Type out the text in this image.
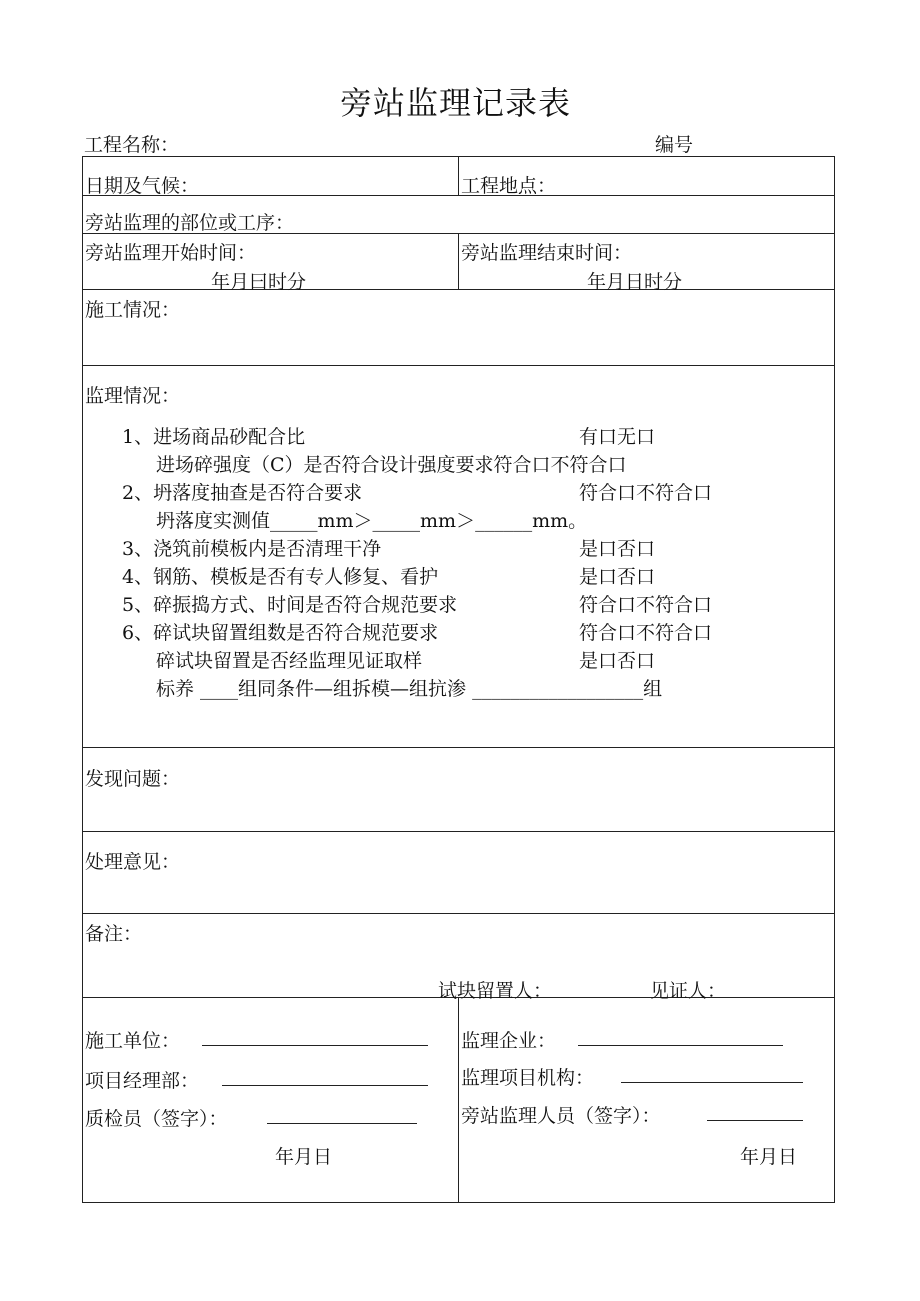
旁站监理记录表
工程名称：	编号
日期及气候：	工程地点：
旁站监理的部位或工序：
旁站监理开始时间：
年月曰时分
旁站监理结束时间：
年月日时分
施工情况：
监理情况：
1、进场商品砂配合比	有口无口
进场碎强度（C）是否符合设计强度要求符合口不符合口
2、坍落度抽查是否符合要求	符合口不符合口
坍落度实测值_____mm＞_____mm＞______mm。
3、浇筑前模板内是否清理干净	是口否口
4、钢筋、模板是否有专人修复、看护	是口否口
5、碎振捣方式、时间是否符合规范要求	符合口不符合口
6、碎试块留置组数是否符合规范要求	符合口不符合口
碎试块留置是否经监理见证取样	是口否口
标养 ____组同条件—组拆模—组抗渗 __________________组
发现问题：
处理意见：
备注：
试块留置人：	见证人：
施工单位：
项目经理部：
质检员（签字）：
年月日
监理企业：
监理项目机构：
旁站监理人员（签字）：
年月日
